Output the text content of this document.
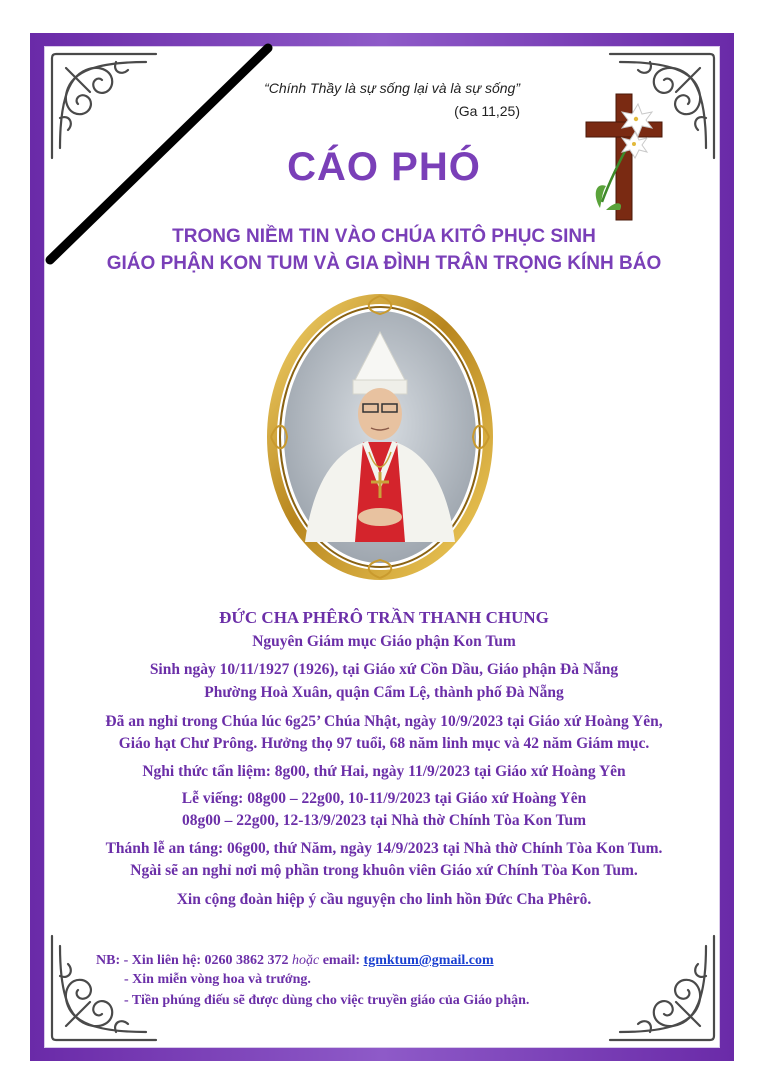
“Chính Thầy là sự sống lại và là sự sống”
(Ga 11,25)
CÁO PHÓ
TRONG NIỀM TIN VÀO CHÚA KITÔ PHỤC SINH
GIÁO PHẬN KON TUM VÀ GIA ĐÌNH TRÂN TRỌNG KÍNH BÁO
ĐỨC CHA PHÊRÔ TRẦN THANH CHUNG
Nguyên Giám mục Giáo phận Kon Tum
Sinh ngày 10/11/1927 (1926), tại Giáo xứ Cồn Dầu, Giáo phận Đà Nẵng
Phường Hoà Xuân, quận Cẩm Lệ, thành phố Đà Nẵng
Đã an nghỉ trong Chúa lúc 6g25’ Chúa Nhật, ngày 10/9/2023 tại Giáo xứ Hoàng Yên,
Giáo hạt Chư Prông. Hưởng thọ 97 tuổi, 68 năm linh mục và 42 năm Giám mục.
Nghi thức tẩn liệm: 8g00, thứ Hai, ngày 11/9/2023 tại Giáo xứ Hoàng Yên
Lễ viếng: 08g00 – 22g00, 10-11/9/2023 tại Giáo xứ Hoàng Yên
08g00 – 22g00, 12-13/9/2023 tại Nhà thờ Chính Tòa Kon Tum
Thánh lễ an táng: 06g00, thứ Năm, ngày 14/9/2023 tại Nhà thờ Chính Tòa Kon Tum.
Ngài sẽ an nghỉ nơi mộ phần trong khuôn viên Giáo xứ Chính Tòa Kon Tum.
Xin cộng đoàn hiệp ý cầu nguyện cho linh hồn Đức Cha Phêrô.
NB: - Xin liên hệ: 0260 3862 372 hoặc email: tgmktum@gmail.com
- Xin miễn vòng hoa và trướng.
- Tiền phúng điếu sẽ được dùng cho việc truyền giáo của Giáo phận.
